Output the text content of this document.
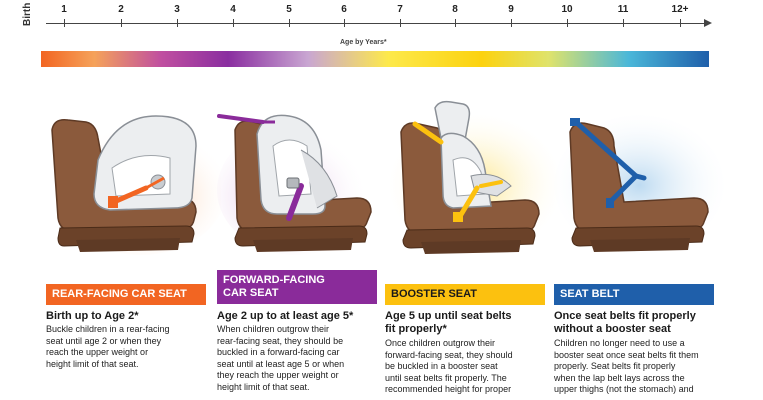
Birth	1	2	3	4	5	6	7	8	9	10	11	12+
Age by Years*
REAR-FACING CAR SEAT
Birth up to Age 2*
Buckle children in a rear-facing
seat until age 2 or when they
reach the upper weight or
height limit of that seat.
FORWARD-FACING
CAR SEAT
Age 2 up to at least age 5*
When children outgrow their
rear-facing seat, they should be
buckled in a forward-facing car
seat until at least age 5 or when
they reach the upper weight or
height limit of that seat.
BOOSTER SEAT
Age 5 up until seat belts
fit properly*
Once children outgrow their
forward-facing seat, they should
be buckled in a booster seat
until seat belts fit properly. The
recommended height for proper
SEAT BELT
Once seat belts fit properly
without a booster seat
Children no longer need to use a
booster seat once seat belts fit them
properly. Seat belts fit properly
when the lap belt lays across the
upper thighs (not the stomach) and
